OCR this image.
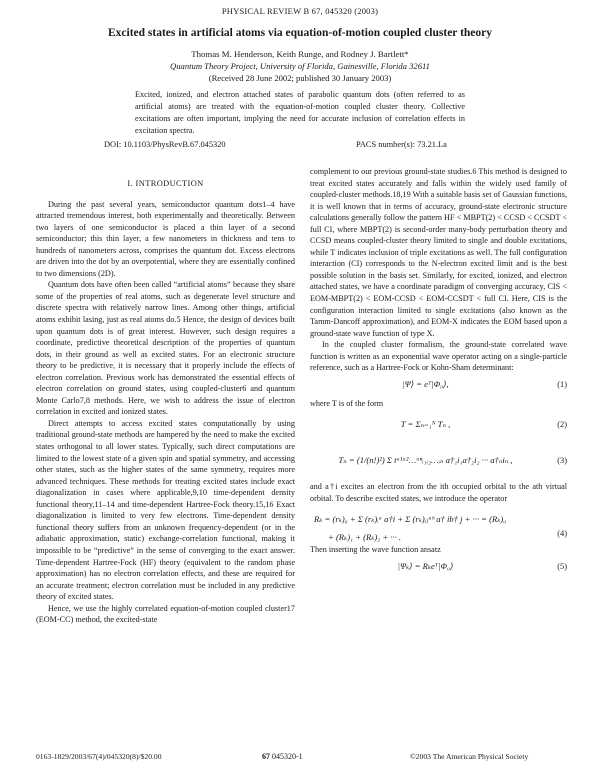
PHYSICAL REVIEW B 67, 045320 (2003)
Excited states in artificial atoms via equation-of-motion coupled cluster theory
Thomas M. Henderson, Keith Runge, and Rodney J. Bartlett*
Quantum Theory Project, University of Florida, Gainesville, Florida 32611
(Received 28 June 2002; published 30 January 2003)
Excited, ionized, and electron attached states of parabolic quantum dots (often referred to as artificial atoms) are treated with the equation-of-motion coupled cluster theory. Collective excitations are often important, implying the need for accurate inclusion of correlation effects in excitation spectra.
DOI: 10.1103/PhysRevB.67.045320	PACS number(s): 73.21.La
I. INTRODUCTION

During the past several years, semiconductor quantum dots1–4 have attracted tremendous interest, both experimentally and theoretically. Between two layers of one semiconductor is placed a thin layer of a second semiconductor; this thin layer, a few nanometers in thickness and tens to hundreds of nanometers across, comprises the quantum dot. Excess electrons are driven into the dot by an overpotential, where they are essentially confined to two dimensions (2D).

Quantum dots have often been called “artificial atoms” because they share some of the properties of real atoms, such as degenerate level structure and discrete spectra with relatively narrow lines. Among other things, artificial atoms exhibit lasing, just as real atoms do.5 Hence, the design of devices built upon quantum dots is of great interest. However, such design requires a coordinate, predictive theoretical description of the properties of quantum dots, in their ground as well as excited states. For an electronic structure theory to be predictive, it is necessary that it properly include the effects of electron correlation. Previous work has demonstrated the essential effects of electron correlation on ground states, using coupled-cluster6 and quantum Monte Carlo7,8 methods. Here, we wish to address the issue of electron correlation in excited and ionized states.

Direct attempts to access excited states computationally by using traditional ground-state methods are hampered by the need to make the excited states orthogonal to all lower states. Typically, such direct computations are limited to the lowest state of a given spin and spatial symmetry, and accessing other states, such as the higher states of the same symmetry, requires more advanced techniques. These methods for treating excited states include exact diagonalization in cases where applicable,9,10 time-dependent density functional theory,11–14 and time-dependent Hartree-Fock theory.15,16 Exact diagonalization is limited to very few electrons. Time-dependent density functional theory suffers from an unknown frequency-dependent (or in the adiabatic approximation, static) exchange-correlation functional, making it impossible to be “predictive” in the sense of converging to the exact answer. Time-dependent Hartree-Fock (HF) theory (equivalent to the random phase approximation) has no electron correlation effects, and these are required for an accurate treatment; electron correlation must be included in any predictive theory of excited states.

Hence, we use the highly correlated equation-of-motion coupled cluster17 (EOM-CC) method, the excited-state

complement to our previous ground-state studies.6 This method is designed to treat excited states accurately and falls within the widely used family of coupled-cluster methods.18,19 With a suitable basis set of Gaussian functions, it is well known that in terms of accuracy, ground-state electronic structure calculations generally follow the pattern HF < MBPT(2) < CCSD < CCSDT < full CI, where MBPT(2) is second-order many-body perturbation theory and CCSD means coupled-cluster theory limited to single and double excitations, while T indicates inclusion of triple excitations as well. The full configuration interaction (CI) corresponds to the N-electron excited limit and is the best possible solution in the basis set. Similarly, for excited, ionized, and electron attached states, we have a coordinate paradigm of converging accuracy, CIS < EOM-MBPT(2) < EOM-CCSD < EOM-CCSDT < full CI. Here, CIS is the configuration interaction limited to single excitations (also known as the Tamm-Dancoff approximation), and EOM-X indicates the EOM based upon a ground-state wave function of type X.

In the coupled cluster formalism, the ground-state correlated wave function is written as an exponential wave operator acting on a single-particle reference, such as a Hartree-Fock or Kohn-Sham determinant:

|Ψ⟩ = eᵀ|Φ₀⟩,	(1)

where T is of the form

T = Σₙ₌₁ᴺ Tₙ ,	(2)
Tₙ = (1/(n!)²) Σ tᵃ¹ᵃ²…ᵃⁿᵢ₁ᵢ₂…ᵢₙ a†₁i₁a†₂i₂ ··· a†ₙiₙ ,	(3)

and a†i excites an electron from the ith occupied orbital to the ath virtual orbital. To describe excited states, we introduce the operator

Rₖ = (rₖ)₀ + Σ (rₖ)ᵢᵃ a†i + Σ (rₖ)ᵢⱼᵃᵇ a† ib† j + ··· = (Rₖ)₀
+ (Rₖ)₁ + (Rₖ)₂ + ··· .	(4)

Then inserting the wave function ansatz

|Ψₖ⟩ = Rₖeᵀ|Φ₀⟩	(5)
0163-1829/2003/67(4)/045320(8)/$20.00	67 045320-1	©2003 The American Physical Society
